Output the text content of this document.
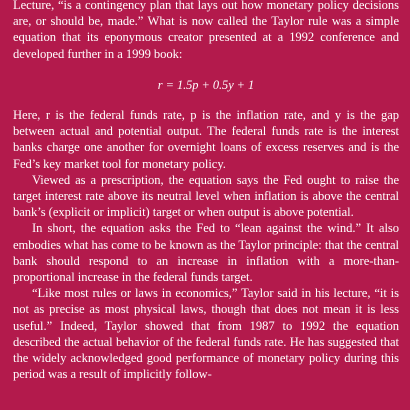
Lecture, “is a contingency plan that lays out how monetary policy decisions are, or should be, made.” What is now called the Taylor rule was a simple equation that its eponymous creator presented at a 1992 conference and developed further in a 1999 book:

r = 1.5p + 0.5y + 1

Here, r is the federal funds rate, p is the inflation rate, and y is the gap between actual and potential output. The federal funds rate is the interest banks charge one another for overnight loans of excess reserves and is the Fed’s key market tool for monetary policy.

Viewed as a prescription, the equation says the Fed ought to raise the target interest rate above its neutral level when inflation is above the central bank’s (explicit or implicit) target or when output is above potential.

In short, the equation asks the Fed to “lean against the wind.” It also embodies what has come to be known as the Taylor principle: that the central bank should respond to an increase in inflation with a more-than-proportional increase in the federal funds target.

“Like most rules or laws in economics,” Taylor said in his lecture, “it is not as precise as most physical laws, though that does not mean it is less useful.” Indeed, Taylor showed that from 1987 to 1992 the equation described the actual behavior of the federal funds rate. He has suggested that the widely acknowledged good performance of monetary policy during this period was a result of implicitly follow-
